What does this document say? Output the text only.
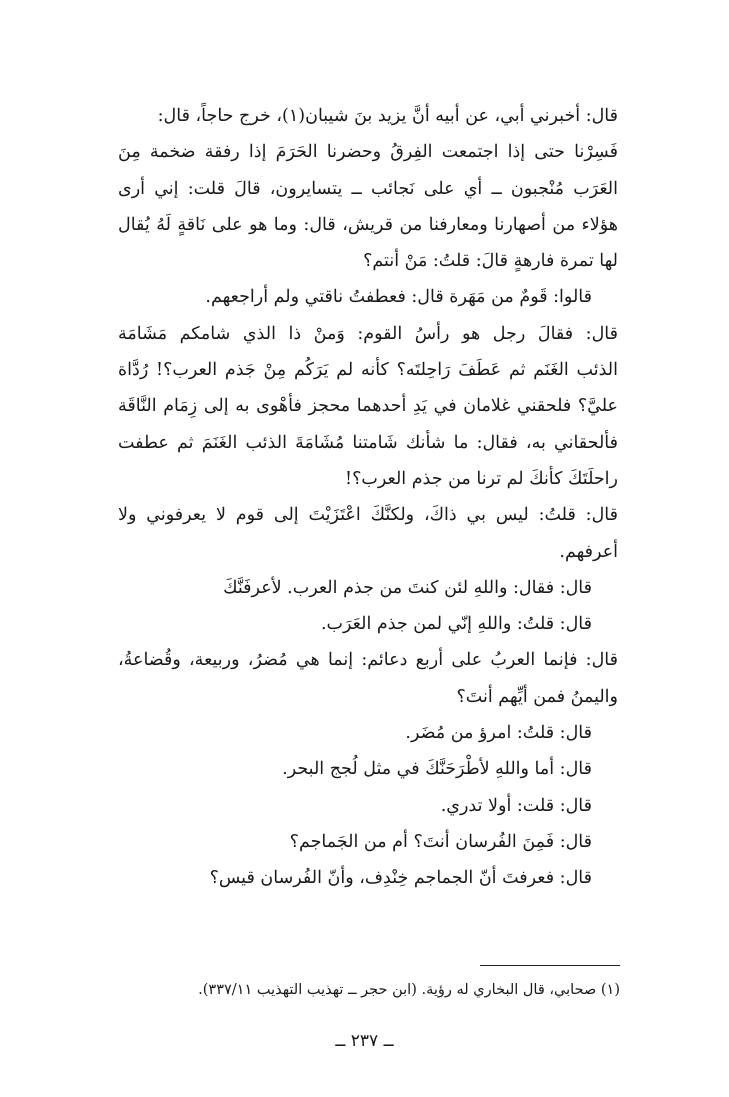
قال: أخبرني أبي، عن أبيه أنَّ يزيد بنَ شيبان(١)، خرج حاجاً، قال:
فَسِرْنا حتى إذا اجتمعت الفِرقُ وحضرنا الحَرَمَ إذا رفقة ضخمة مِنَ
العَرَب مُنْجبون ــ أي على نَجائب ــ يتسايرون، قالَ قلت: إني أرى
هؤلاء من أصهارنا ومعارفنا من قريش، قال: وما هو على نَاقةٍ لَهُ يُقال
لها تمرة فارهةٍ قالَ: قلتُ: مَنْ أنتم؟
قالوا: قَومٌ من مَهَرة قال: فعطفتُ ناقتي ولم أراجعهم.
قال: فقالَ رجل هو رأسُ القوم: وَمنْ ذا الذي شامكم مَشَامَة
الذئب الغَنَم ثم عَطَفَ رَاحِلتَه؟ كأنه لم يَرَكُم مِنْ جَذم العرب؟! رُدَّاة
عليَّ؟ فلحقني غلامان في يَدِ أحدهما محجز فأهْوى به إلى زِمَام النَّاقَة
فألحقاني به، فقال: ما شأنك شَامتنا مُشَامَةَ الذئب الغَنَمَ ثم عطفت
راحلَتَكَ كأنكَ لم ترنا من جذم العرب؟!
قال: قلتُ: ليس بي ذاكَ، ولكنَّكَ اعْتَزَيْتَ إلى قوم لا يعرفوني ولا
أعرفهم.
قال: فقال: واللهِ لئن كنتَ من جذم العرب. لأعرفَنَّكَ
قال: قلتُ: واللهِ إنّي لمن جذم العَرَب.
قال: فإنما العربُ على أربع دعائم: إنما هي مُضرُ، وربيعة، وقُضاعةُ،
واليمنُ فمن أيِّهم أنتَ؟
قال: قلتُ: امرؤ من مُضَر.
قال: أما واللهِ لأطْرَحَنَّكَ في مثل لُجج البحر.
قال: قلت: أولا تدري.
قال: فَمِنَ الفُرسان أنتَ؟ أم من الجَماجم؟
قال: فعرفتَ أنّ الجماجم خِنْدِف، وأنّ الفُرسان قيس؟
(١) صحابي، قال البخاري له رؤية. (ابن حجر ــ تهذيب التهذيب ٣٣٧/١١).
ــ ٢٣٧ ــ
